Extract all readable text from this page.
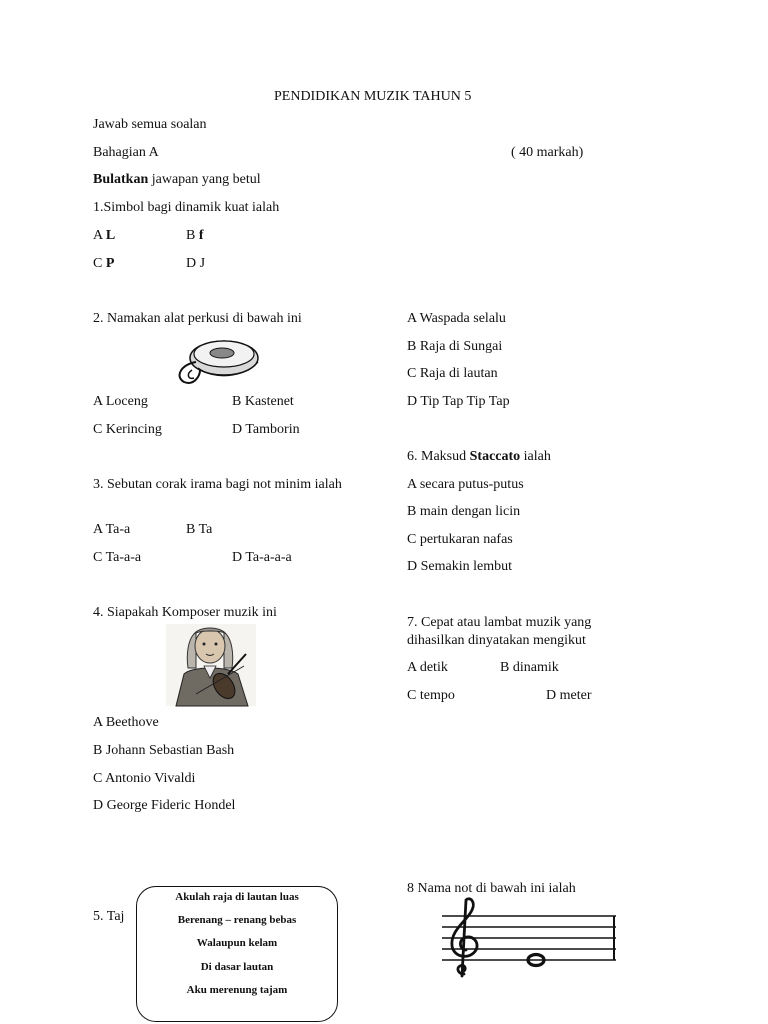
PENDIDIKAN MUZIK TAHUN 5
Jawab semua soalan
Bahagian A	( 40 markah)
Bulatkan jawapan yang betul
1.Simbol bagi dinamik kuat ialah
A L	B f
C P	D J
2. Namakan alat perkusi di bawah ini
A Loceng	B Kastenet
C Kerincing	D Tamborin
3. Sebutan corak irama bagi not minim ialah
A Ta-a	B Ta
C Ta-a-a	D Ta-a-a-a
4. Siapakah Komposer muzik ini
A Beethove
B Johann Sebastian Bash
C Antonio Vivaldi
D George Fideric Hondel
5. Taj
Akulah raja di lautan luas
Berenang – renang bebas
Walaupun kelam
Di dasar lautan
Aku merenung tajam
A Waspada selalu
B Raja di Sungai
C Raja di lautan
D Tip Tap Tip Tap
6. Maksud Staccato ialah
A secara putus-putus
B main dengan licin
C pertukaran nafas
D Semakin lembut
7. Cepat atau lambat muzik yang
dihasilkan dinyatakan mengikut
A detik	B dinamik
C tempo	D meter
8 Nama not di bawah ini ialah
